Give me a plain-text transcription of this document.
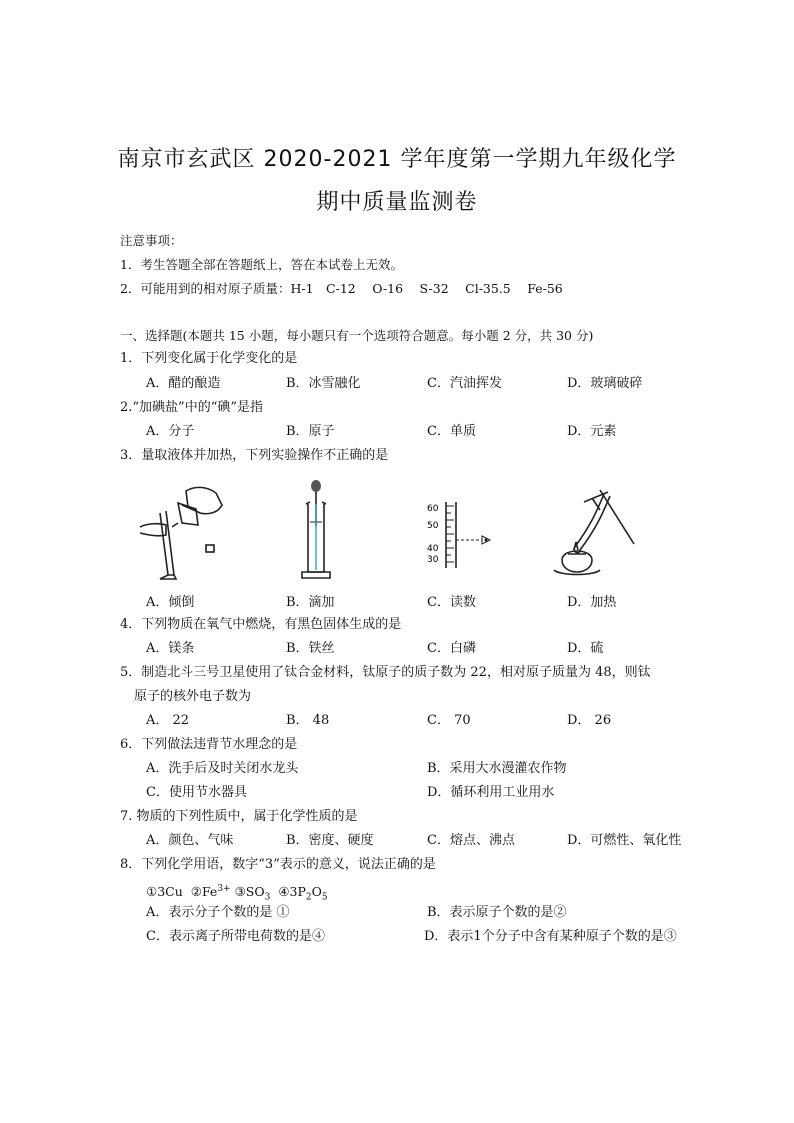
南京市玄武区 2020-2021 学年度第一学期九年级化学
期中质量监测卷
注意事项：
1．考生答题全部在答题纸上，答在本试卷上无效。
2．可能用到的相对原子质量：H-1　C-12　 O-16　 S-32　 Cl-35.5　 Fe-56
一、选择题(本题共 15 小题，每小题只有一个选项符合题意。每小题 2 分，共 30 分)
1．下列变化属于化学变化的是
A．醋的酿造	B．冰雪融化	C．汽油挥发	D．玻璃破碎
2.“加碘盐”中的“碘”是指
A．分子	B．原子	C．单质	D．元素
3．量取液体并加热，下列实验操作不正确的是
60
50
40
30
A．倾倒	B．滴加	C．读数	D．加热
4．下列物质在氧气中燃烧，有黑色固体生成的是
A．镁条	B．铁丝	C．白磷	D．硫
5．制造北斗三号卫星使用了钛合金材料，钛原子的质子数为 22，相对原子质量为 48，则钛
原子的核外电子数为
A． 22	B． 48	C． 70	D． 26
6．下列做法违背节水理念的是
A．洗手后及时关闭水龙头	B．采用大水漫灌农作物
C．使用节水器具	D．循环利用工业用水
7. 物质的下列性质中，属于化学性质的是
A．颜色、气味	B．密度、硬度	C．熔点、沸点	D．可燃性、氧化性
8．下列化学用语，数字“3”表示的意义，说法正确的是
①3Cu $②Fe^{3+}$ $③SO_3$ $④3P_2O_5$
A．表示分子个数的是 ①	B．表示原子个数的是②
C．表示离子所带电荷数的是④	D．表示1个分子中含有某种原子个数的是③
